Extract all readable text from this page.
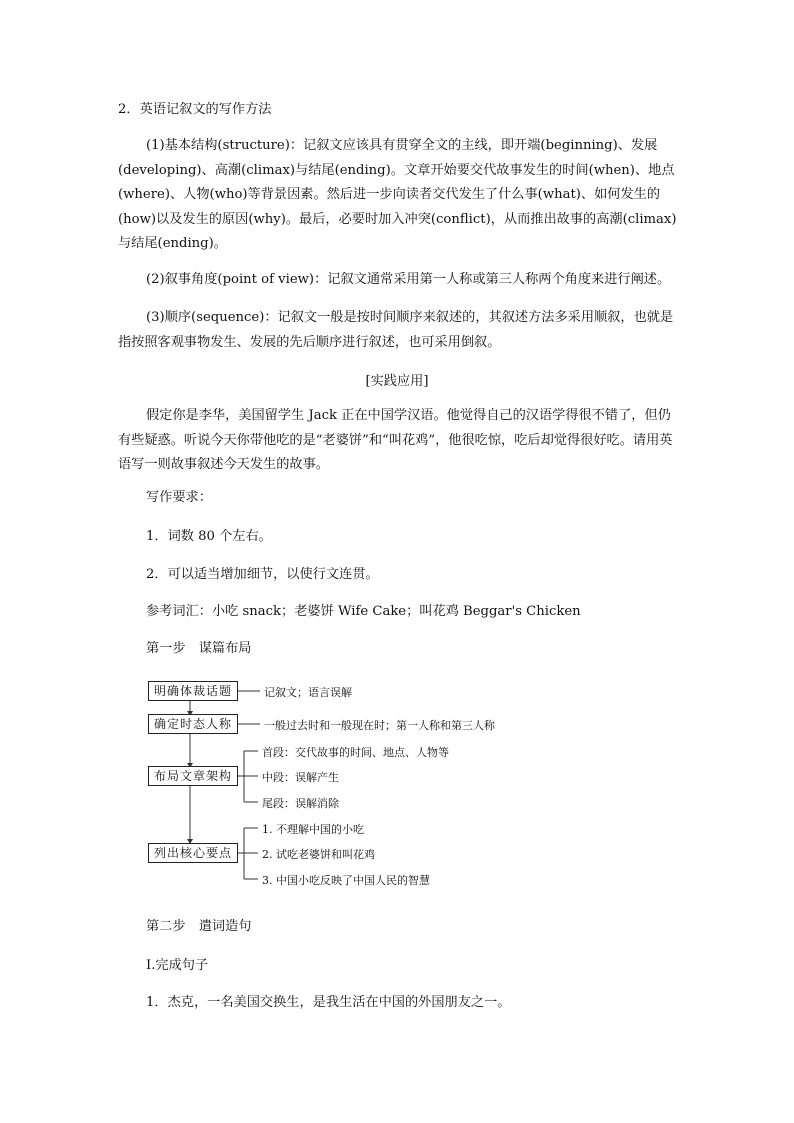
2．英语记叙文的写作方法

(1)基本结构(structure)：记叙文应该具有贯穿全文的主线，即开端(beginning)、发展(developing)、高潮(climax)与结尾(ending)。文章开始要交代故事发生的时间(when)、地点(where)、人物(who)等背景因素。然后进一步向读者交代发生了什么事(what)、如何发生的(how)以及发生的原因(why)。最后，必要时加入冲突(conflict)，从而推出故事的高潮(climax)与结尾(ending)。

(2)叙事角度(point of view)：记叙文通常采用第一人称或第三人称两个角度来进行阐述。

(3)顺序(sequence)：记叙文一般是按时间顺序来叙述的，其叙述方法多采用顺叙，也就是指按照客观事物发生、发展的先后顺序进行叙述，也可采用倒叙。

[实践应用]

假定你是李华，美国留学生 Jack 正在中国学汉语。他觉得自己的汉语学得很不错了，但仍有些疑惑。听说今天你带他吃的是“老婆饼”和“叫花鸡”，他很吃惊，吃后却觉得很好吃。请用英语写一则故事叙述今天发生的故事。

写作要求：
1．词数 80 个左右。
2．可以适当增加细节，以使行文连贯。
参考词汇：小吃 snack；老婆饼 Wife Cake；叫花鸡 Beggar's Chicken
第一步　谋篇布局
明确体裁话题
确定时态人称
布局文章架构
列出核心要点
记叙文；语言误解
一般过去时和一般现在时；第一人称和第三人称
首段：交代故事的时间、地点、人物等
中段：误解产生
尾段：误解消除
1. 不理解中国的小吃
2. 试吃老婆饼和叫花鸡
3. 中国小吃反映了中国人民的智慧
第二步　遣词造句
Ⅰ.完成句子
1．杰克，一名美国交换生，是我生活在中国的外国朋友之一。
